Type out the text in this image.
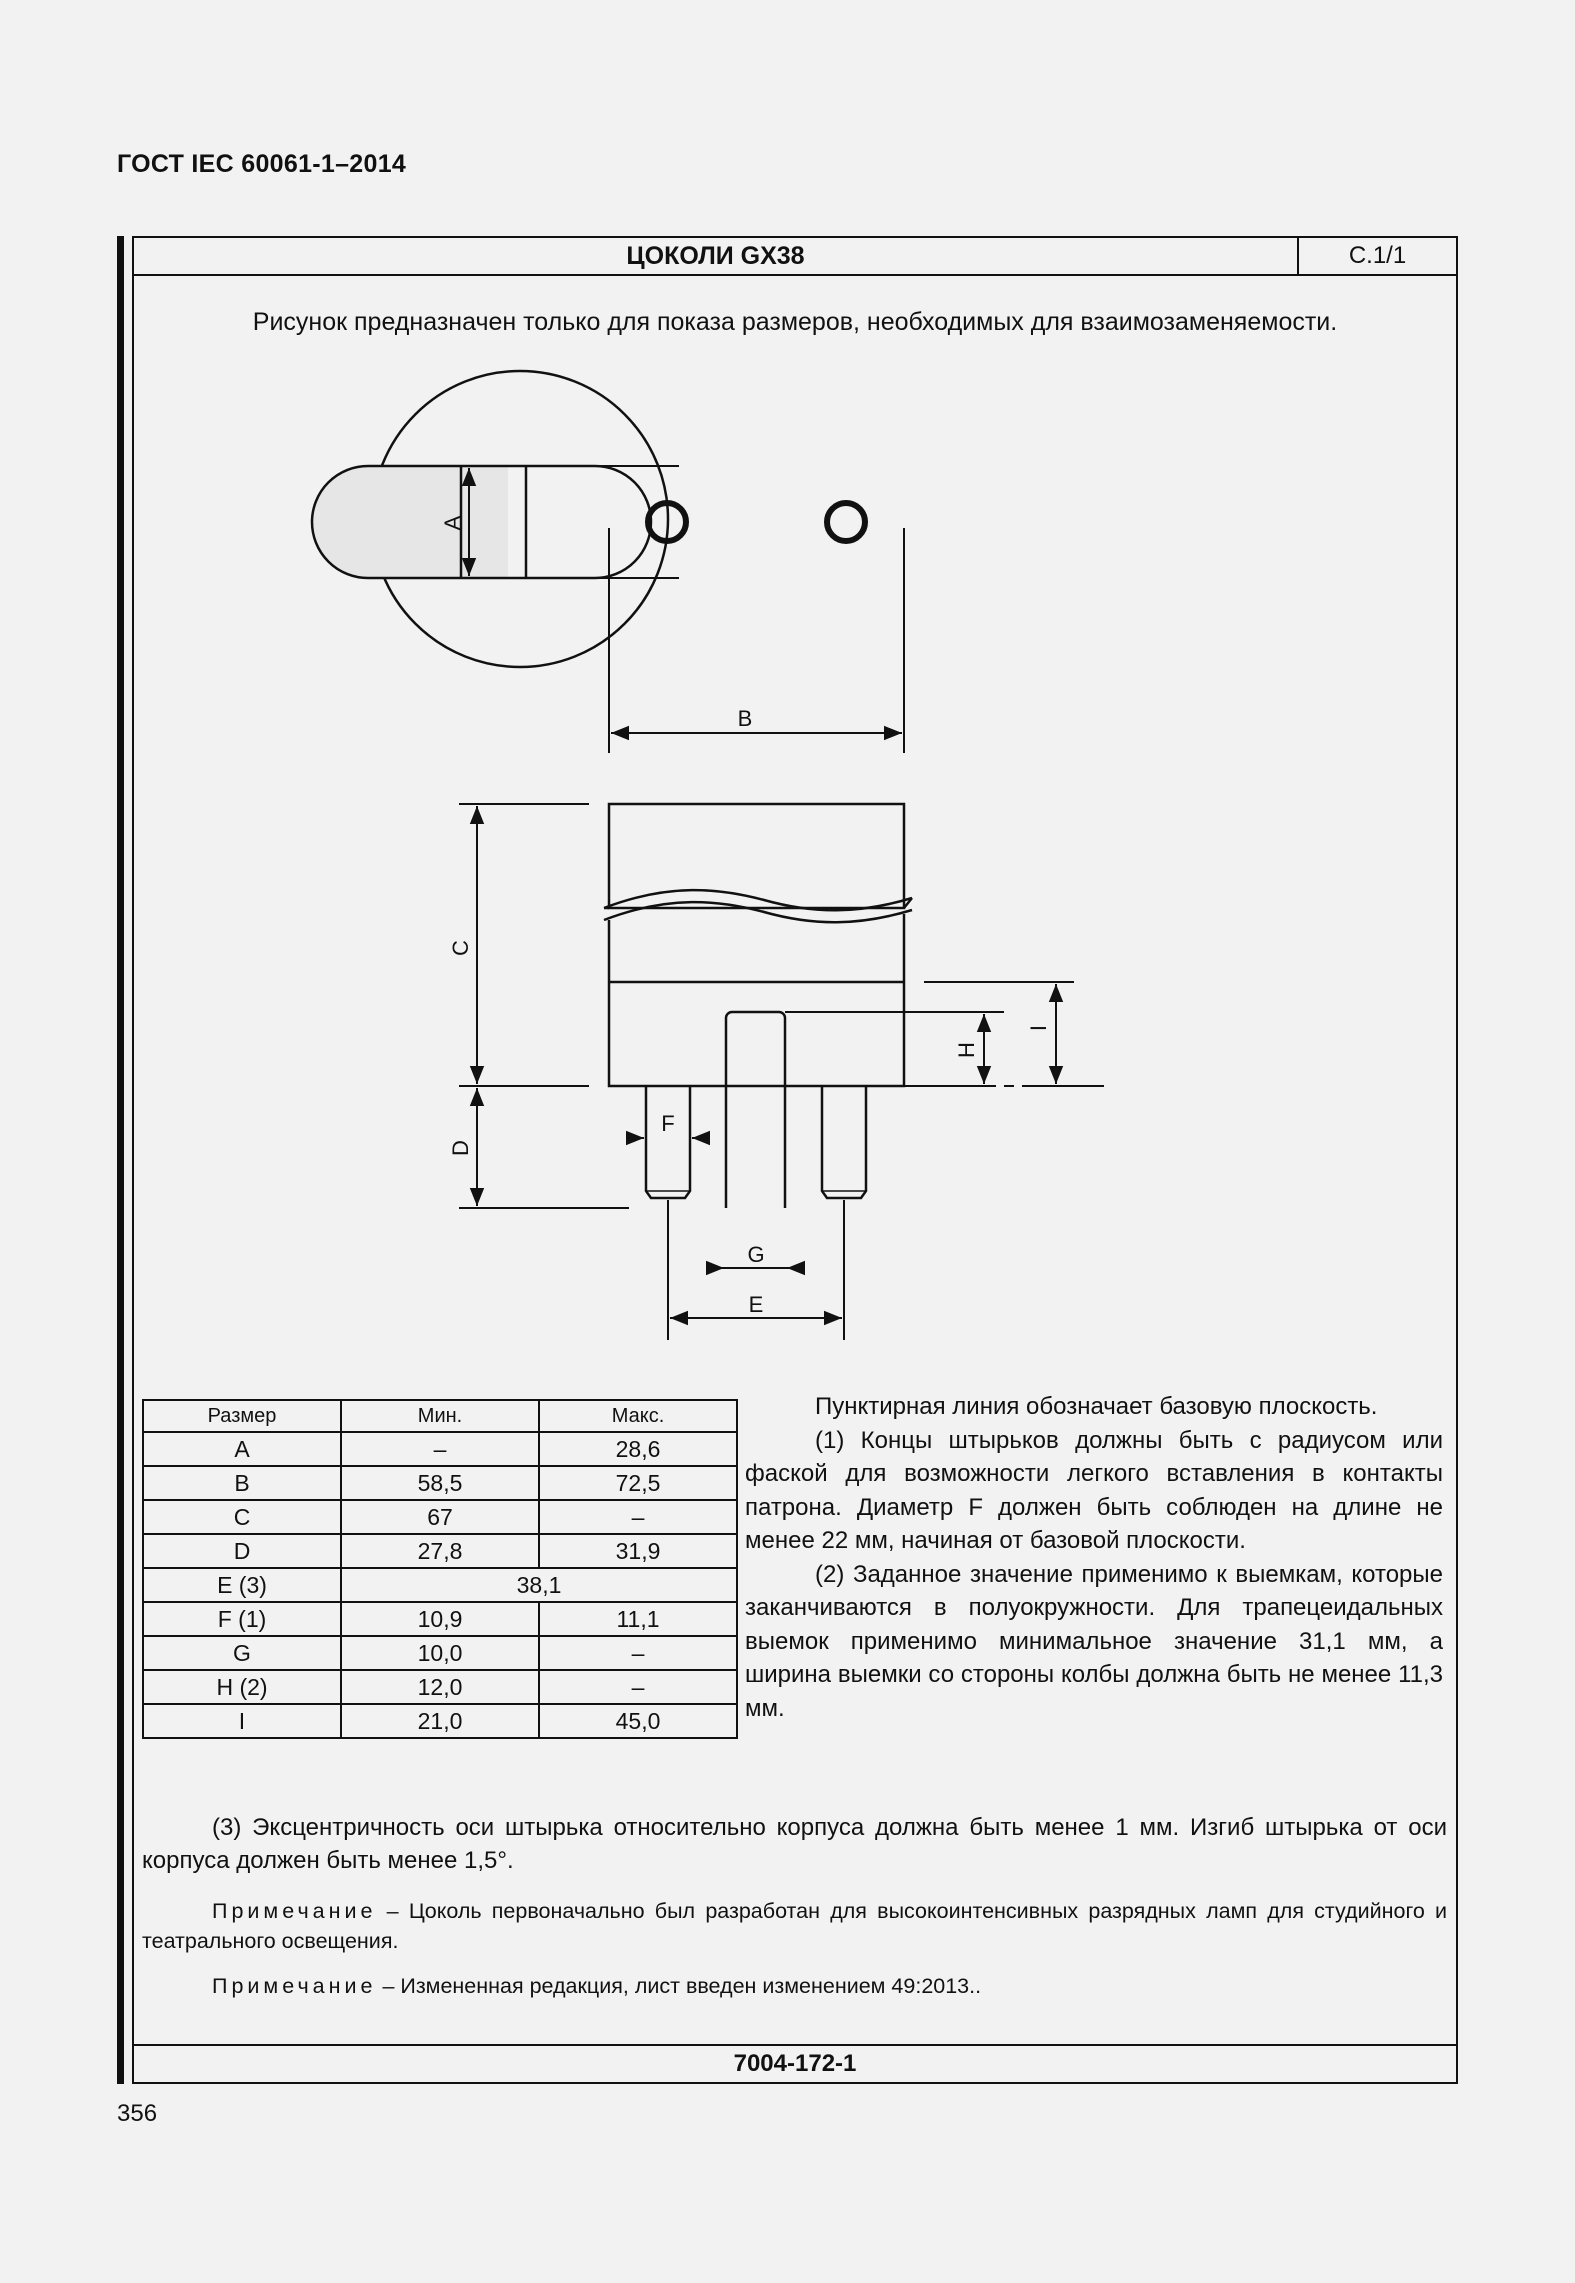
ГОСТ IEC 60061-1–2014
ЦОКОЛИ GX38	С.1/1
Рисунок предназначен только для показа размеров, необходимых для взаимозаменяемости.
A
B
C
D
F
G
E
H
I
Размер	Мин.	Макс.
A	–	28,6
B	58,5	72,5
C	67	–
D	27,8	31,9
E (3)	38,1	
F (1)	10,9	11,1
G	10,0	–
H (2)	12,0	–
I	21,0	45,0

Пунктирная линия обозначает базовую плоскость.

(1) Концы штырьков должны быть с радиусом или фаской для возможности легкого вставления в контакты патрона. Диаметр F должен быть соблюден на длине не менее 22 мм, начиная от базовой плоскости.

(2) Заданное значение применимо к выемкам, которые заканчиваются в полуокружности. Для трапецеидальных выемок применимо минимальное значение 31,1 мм, а ширина выемки со стороны колбы должна быть не менее 11,3 мм.

(3) Эксцентричность оси штырька относительно корпуса должна быть менее 1 мм. Изгиб штырька от оси корпуса должен быть менее 1,5°.
Примечание – Цоколь первоначально был разработан для высокоинтенсивных разрядных ламп для студийного и театрального освещения.
Примечание – Измененная редакция, лист введен изменением 49:2013..
7004-172-1
356
